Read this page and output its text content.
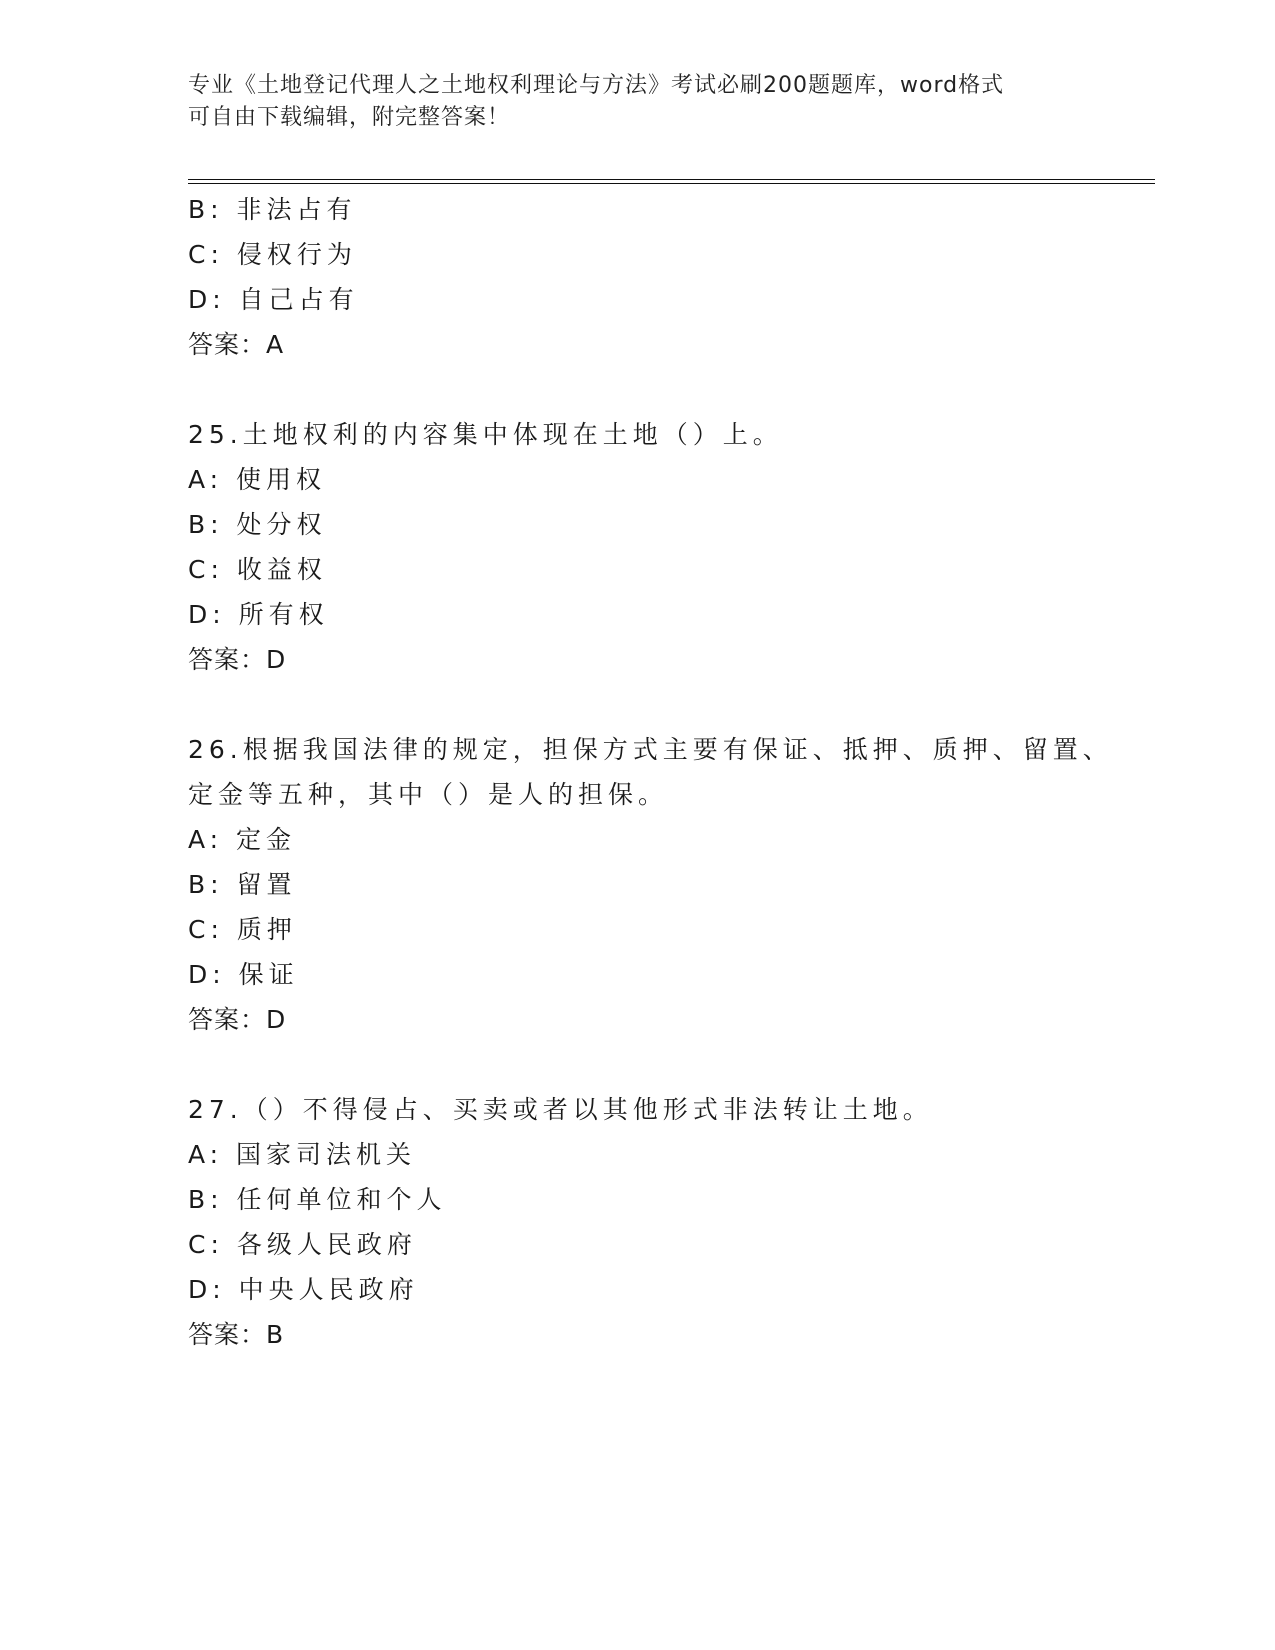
专业《土地登记代理人之土地权利理论与方法》考试必刷200题题库，word格式
可自由下载编辑，附完整答案！
B: 非法占有
C: 侵权行为
D: 自己占有
答案：A
25.土地权利的内容集中体现在土地（）上。
A: 使用权
B: 处分权
C: 收益权
D: 所有权
答案：D
26.根据我国法律的规定，担保方式主要有保证、抵押、质押、留置、
定金等五种，其中（）是人的担保。
A: 定金
B: 留置
C: 质押
D: 保证
答案：D
27.（）不得侵占、买卖或者以其他形式非法转让土地。
A: 国家司法机关
B: 任何单位和个人
C: 各级人民政府
D: 中央人民政府
答案：B
